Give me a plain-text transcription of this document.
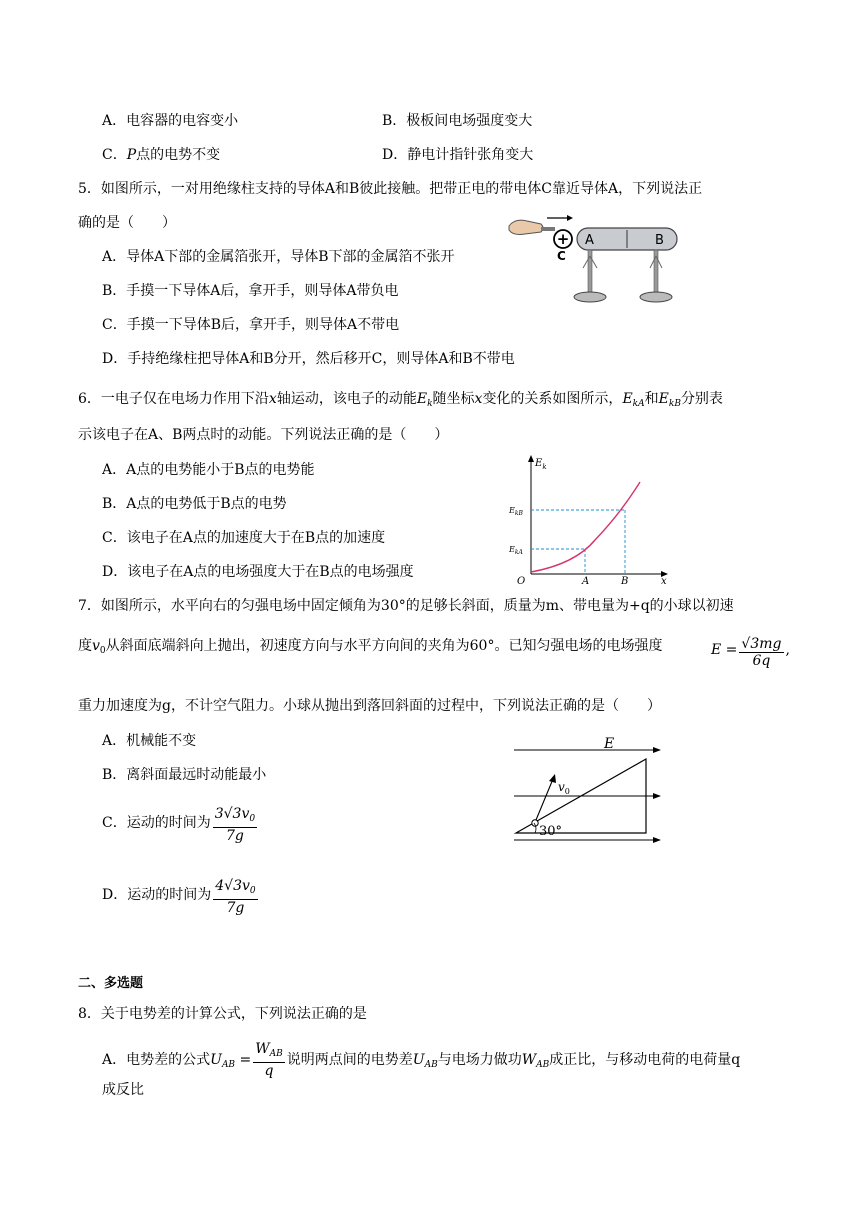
A．电容器的电容变小	B．极板间电场强度变大
C．P点的电势不变	D．静电计指针张角变大
5．如图所示，一对用绝缘柱支持的导体A和B彼此接触。把带正电的带电体C靠近导体A，下列说法正
确的是（　　）
A．导体A下部的金属箔张开，导体B下部的金属箔不张开
B．手摸一下导体A后，拿开手，则导体A带负电
C．手摸一下导体B后，拿开手，则导体A不带电
D．手持绝缘柱把导体A和B分开，然后移开C，则导体A和B不带电
+
C
A	B
6．一电子仅在电场力作用下沿x轴运动，该电子的动能$E_k$随坐标x变化的关系如图所示，$E_{kA}$和$E_{kB}$分别表
示该电子在A、B两点时的动能。下列说法正确的是（　　）
A．A点的电势能小于B点的电势能
B．A点的电势低于B点的电势
C．该电子在A点的加速度大于在B点的加速度
D．该电子在A点的电场强度大于在B点的电场强度
$E_k$
x
O
$E_{kA}$
$E_{kB}$
A	B
7．如图所示，水平向右的匀强电场中固定倾角为30°的足够长斜面，质量为m、带电量为+q的小球以初速
度$v_0$从斜面底端斜向上抛出，初速度方向与水平方向间的夹角为60°。已知匀强电场的电场强度	$E = \frac{√3mg}{6q}$ ,
重力加速度为g，不计空气阻力。小球从抛出到落回斜面的过程中，下列说法正确的是（　　）
A．机械能不变
B．离斜面最远时动能最小
C．运动的时间为 $\frac{3√3v_0}{7g}$
D．运动的时间为 $\frac{4√3v_0}{7g}$
E
$v_0$
30°
二、多选题
8．关于电势差的计算公式，下列说法正确的是
A．电势差的公式$U_{AB} = \frac{W_{AB}}{q}$ 说明两点间的电势差$U_{AB}$与电场力做功$W_{AB}$成正比，与移动电荷的电荷量q
成反比
